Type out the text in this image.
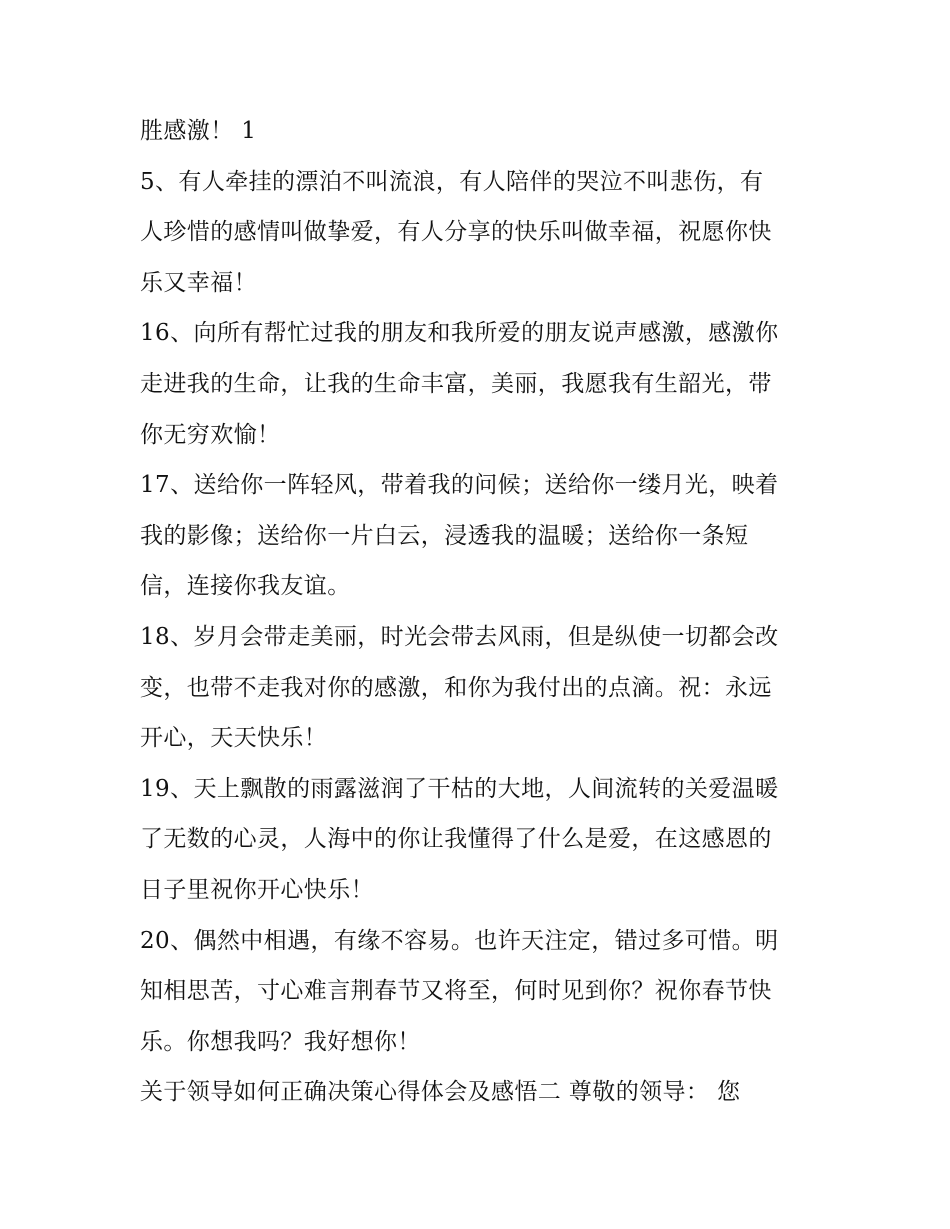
胜感激！ 1
5、有人牵挂的漂泊不叫流浪，有人陪伴的哭泣不叫悲伤，有
人珍惜的感情叫做挚爱，有人分享的快乐叫做幸福，祝愿你快
乐又幸福！
16、向所有帮忙过我的朋友和我所爱的朋友说声感激，感激你
走进我的生命，让我的生命丰富，美丽，我愿我有生韶光，带
你无穷欢愉！
17、送给你一阵轻风，带着我的问候；送给你一缕月光，映着
我的影像；送给你一片白云，浸透我的温暖；送给你一条短
信，连接你我友谊。
18、岁月会带走美丽，时光会带去风雨，但是纵使一切都会改
变，也带不走我对你的感激，和你为我付出的点滴。祝：永远
开心，天天快乐！
19、天上飘散的雨露滋润了干枯的大地，人间流转的关爱温暖
了无数的心灵，人海中的你让我懂得了什么是爱，在这感恩的
日子里祝你开心快乐！
20、偶然中相遇，有缘不容易。也许天注定，错过多可惜。明
知相思苦，寸心难言荆春节又将至，何时见到你？祝你春节快
乐。你想我吗？我好想你！
关于领导如何正确决策心得体会及感悟二 尊敬的领导： 您
